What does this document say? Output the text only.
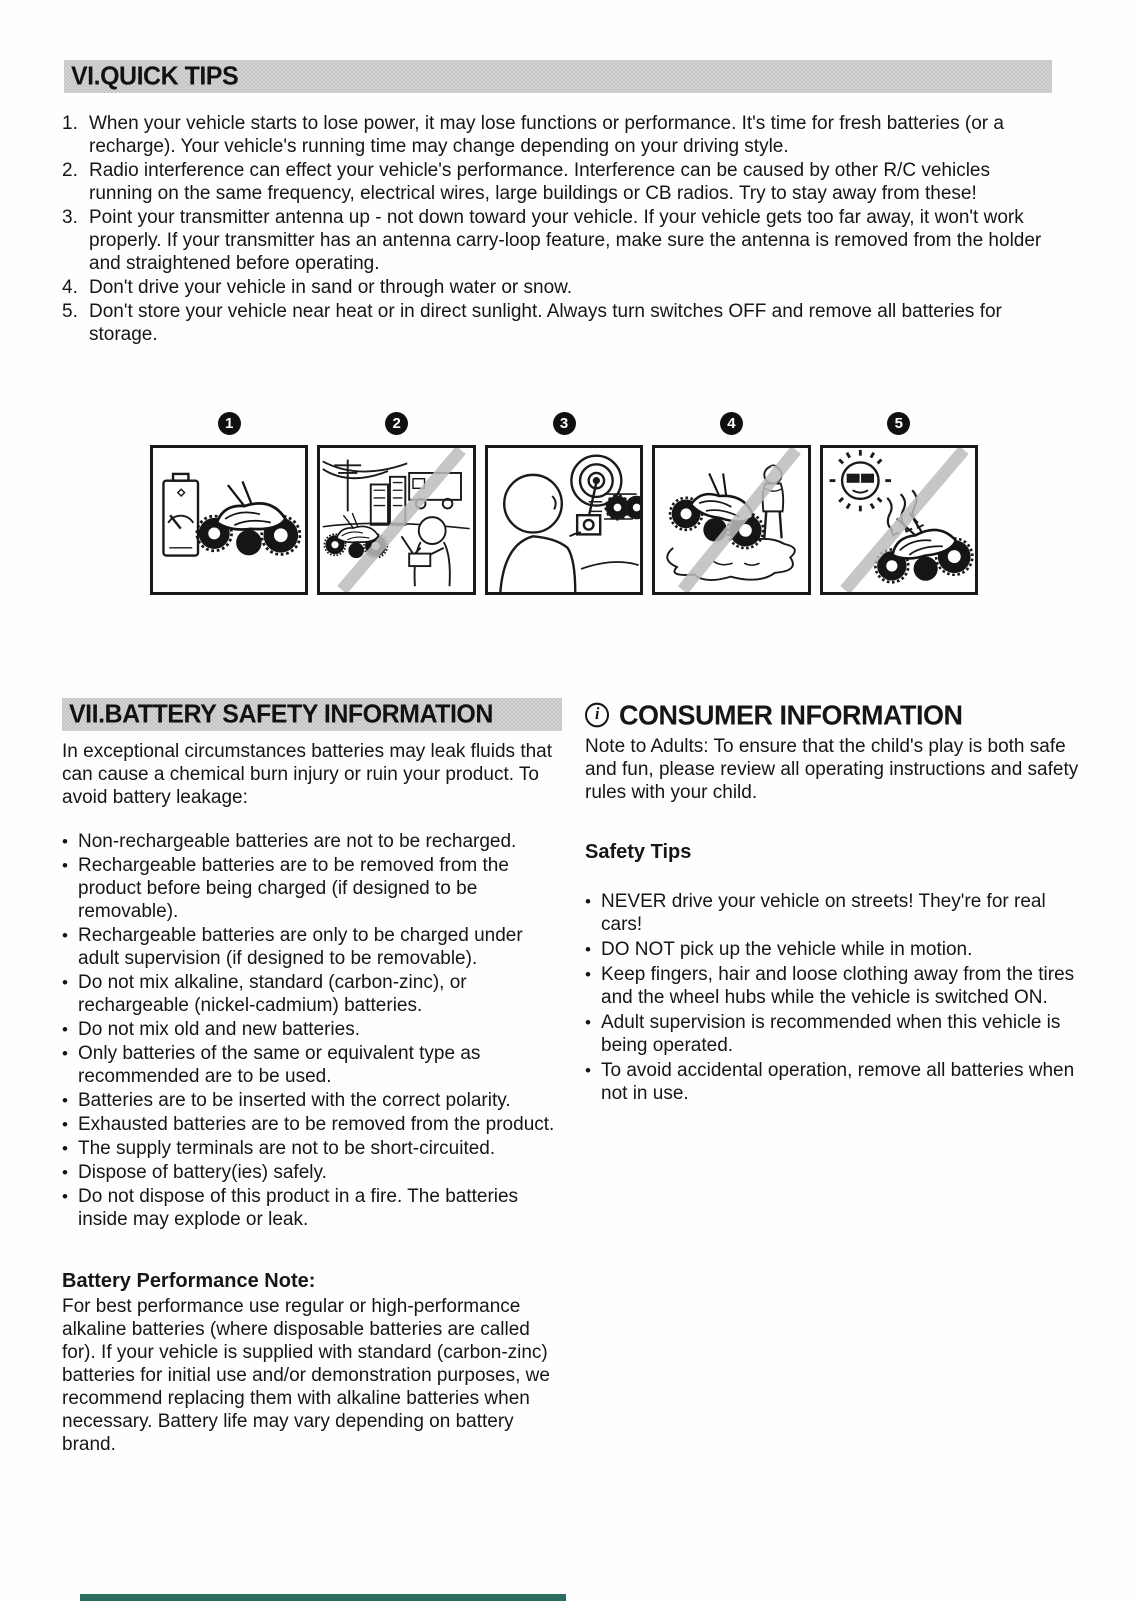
VI.QUICK TIPS
When your vehicle starts to lose power, it may lose functions or performance. It's time for fresh batteries (or a recharge). Your vehicle's running time may change depending on your driving style.
Radio interference can effect your vehicle's performance. Interference can be caused by other R/C vehicles running on the same frequency, electrical wires, large buildings or CB radios. Try to stay away from these!
Point your transmitter antenna up - not down toward your vehicle. If your vehicle gets too far away, it won't work properly. If your transmitter has an antenna carry-loop feature, make sure the antenna is removed from the holder and straightened before operating.
Don't drive your vehicle in sand or through water or snow.
Don't store your vehicle near heat or in direct sunlight. Always turn switches OFF and remove all batteries for storage.
1	2	3	4	5
VII.BATTERY SAFETY INFORMATION

In exceptional circumstances batteries may leak fluids that can cause a chemical burn injury or ruin your product. To avoid battery leakage:

• Non-rechargeable batteries are not to be recharged.
• Rechargeable batteries are to be removed from the product before being charged (if designed to be removable).
• Rechargeable batteries are only to be charged under adult supervision (if designed to be removable).
• Do not mix alkaline, standard (carbon-zinc), or rechargeable (nickel-cadmium) batteries.
• Do not mix old and new batteries.
• Only batteries of the same or equivalent type as recommended are to be used.
• Batteries are to be inserted with the correct polarity.
• Exhausted batteries are to be removed from the product.
• The supply terminals are not to be short-circuited.
• Dispose of battery(ies) safely.
• Do not dispose of this product in a fire. The batteries inside may explode or leak.
Battery Performance Note:

For best performance use regular or high-performance alkaline batteries (where disposable batteries are called for). If your vehicle is supplied with standard (carbon-zinc) batteries for initial use and/or demonstration purposes, we recommend replacing them with alkaline batteries when necessary. Battery life may vary depending on battery brand.

i
CONSUMER INFORMATION

Note to Adults: To ensure that the child's play is both safe and fun, please review all operating instructions and safety rules with your child.

Safety Tips
• NEVER drive your vehicle on streets! They're for real cars!
• DO NOT pick up the vehicle while in motion.
• Keep fingers, hair and loose clothing away from the tires and the wheel hubs while the vehicle is switched ON.
• Adult supervision is recommended when this vehicle is being operated.
• To avoid accidental operation, remove all batteries when not in use.
